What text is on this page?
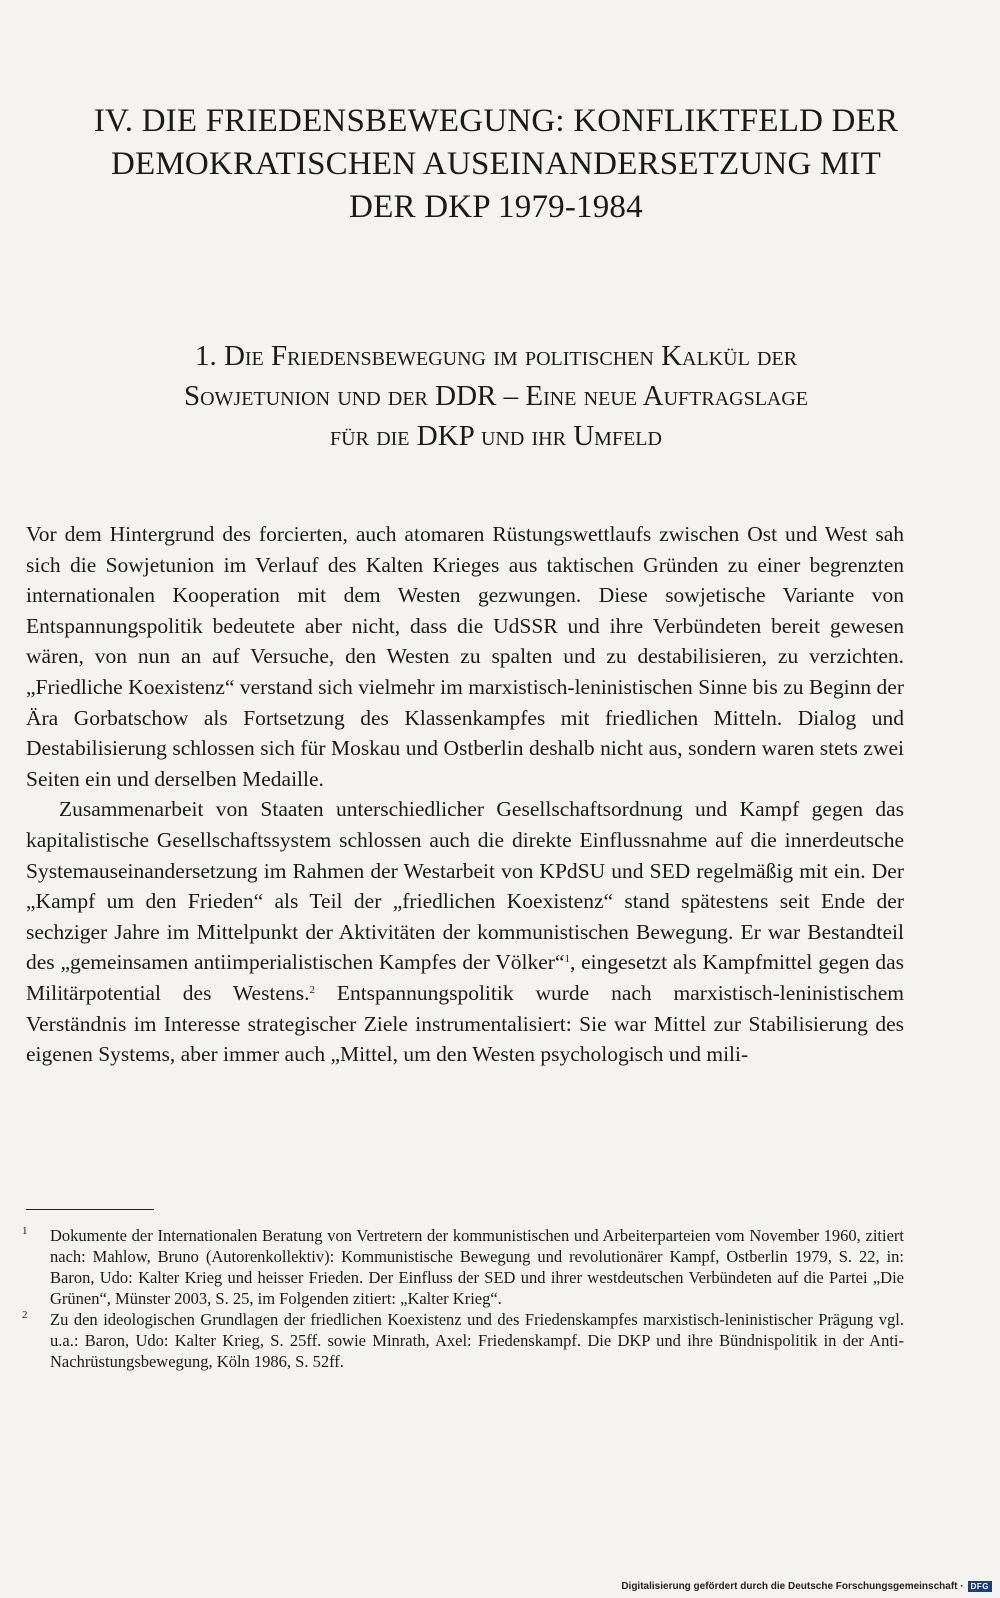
IV. DIE FRIEDENSBEWEGUNG: KONFLIKTFELD DER
DEMOKRATISCHEN AUSEINANDERSETZUNG MIT
DER DKP 1979-1984
1. Die Friedensbewegung im politischen Kalkül der
Sowjetunion und der DDR – Eine neue Auftragslage
für die DKP und ihr Umfeld

Vor dem Hintergrund des forcierten, auch atomaren Rüstungswettlaufs zwischen Ost und West sah sich die Sowjetunion im Verlauf des Kalten Krieges aus taktischen Gründen zu einer begrenzten internationalen Kooperation mit dem Westen gezwungen. Diese sowjetische Variante von Entspannungspolitik bedeutete aber nicht, dass die UdSSR und ihre Verbündeten bereit gewesen wären, von nun an auf Versuche, den Westen zu spalten und zu destabilisieren, zu verzichten. „Friedliche Koexistenz“ verstand sich vielmehr im marxistisch-leninistischen Sinne bis zu Beginn der Ära Gorbatschow als Fortsetzung des Klassenkampfes mit friedlichen Mitteln. Dialog und Destabilisierung schlossen sich für Moskau und Ostberlin deshalb nicht aus, sondern waren stets zwei Seiten ein und derselben Medaille.

Zusammenarbeit von Staaten unterschiedlicher Gesellschaftsordnung und Kampf gegen das kapitalistische Gesellschaftssystem schlossen auch die direkte Einflussnahme auf die innerdeutsche Systemauseinandersetzung im Rahmen der Westarbeit von KPdSU und SED regelmäßig mit ein. Der „Kampf um den Frieden“ als Teil der „friedlichen Koexistenz“ stand spätestens seit Ende der sechziger Jahre im Mittelpunkt der Aktivitäten der kommunistischen Bewegung. Er war Bestandteil des „gemeinsamen antiimperialistischen Kampfes der Völker“$^1$, eingesetzt als Kampfmittel gegen das Militärpotential des Westens.$^2$ Entspannungspolitik wurde nach marxistisch-leninistischem Verständnis im Interesse strategischer Ziele instrumentalisiert: Sie war Mittel zur Stabilisierung des eigenen Systems, aber immer auch „Mittel, um den Westen psychologisch und mili-

1 Dokumente der Internationalen Beratung von Vertretern der kommunistischen und Arbeiterparteien vom November 1960, zitiert nach: Mahlow, Bruno (Autorenkollektiv): Kommunistische Bewegung und revolutionärer Kampf, Ostberlin 1979, S. 22, in: Baron, Udo: Kalter Krieg und heisser Frieden. Der Einfluss der SED und ihrer westdeutschen Verbündeten auf die Partei „Die Grünen“, Münster 2003, S. 25, im Folgenden zitiert: „Kalter Krieg“.
2 Zu den ideologischen Grundlagen der friedlichen Koexistenz und des Friedenskampfes marxistisch-leninistischer Prägung vgl. u.a.: Baron, Udo: Kalter Krieg, S. 25ff. sowie Minrath, Axel: Friedenskampf. Die DKP und ihre Bündnispolitik in der Anti-Nachrüstungsbewegung, Köln 1986, S. 52ff.
Digitalisierung gefördert durch die Deutsche Forschungsgemeinschaft · DFG
